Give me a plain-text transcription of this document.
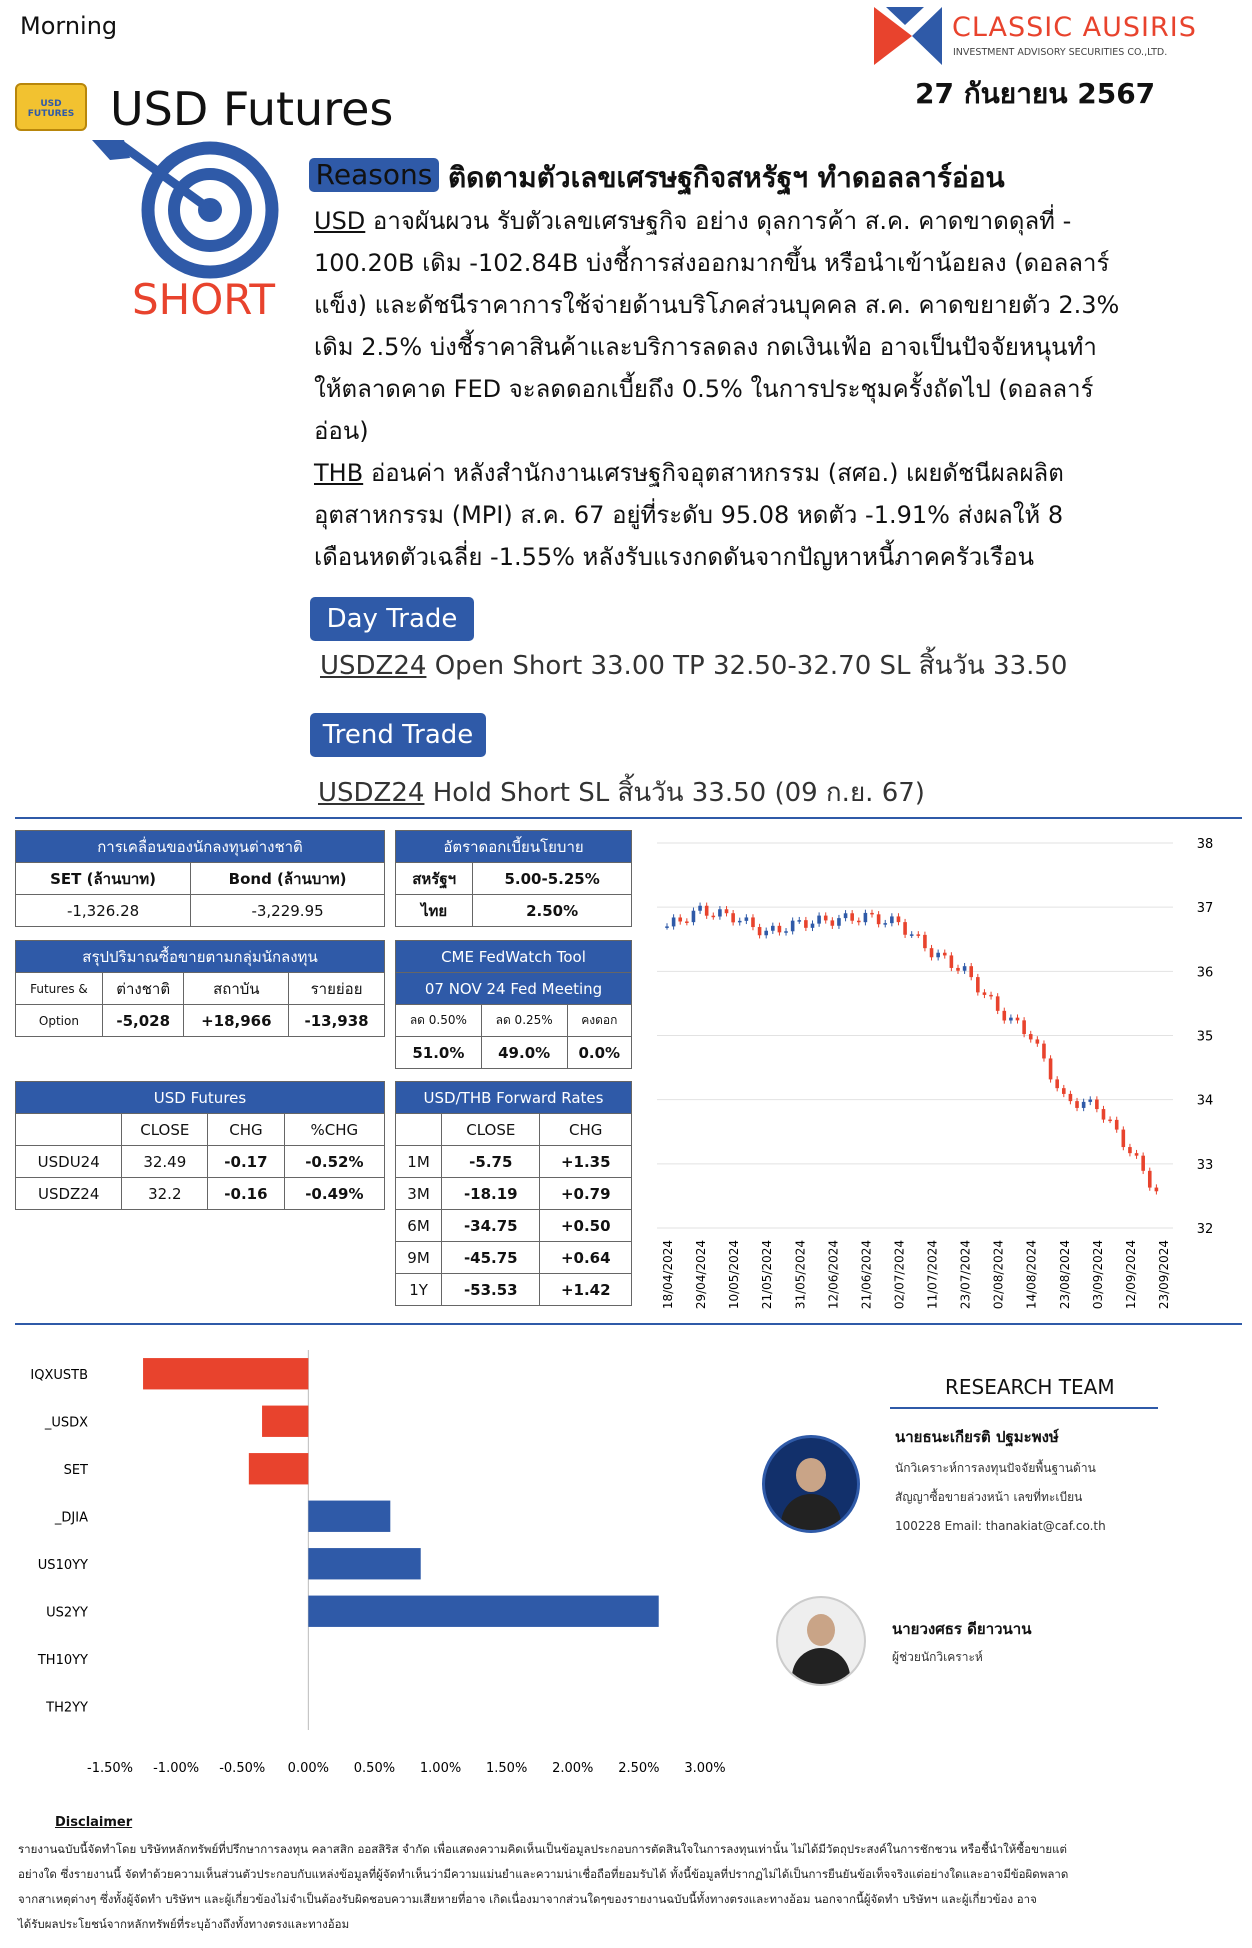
Morning
USD FUTURES USD Futures
CLASSIC AUSIRIS
INVESTMENT ADVISORY SECURITIES CO.,LTD.
27 กันยายน 2567
SHORT
Reasons ติดตามตัวเลขเศรษฐกิจสหรัฐฯ ทำดอลลาร์อ่อน
USD อาจผันผวน รับตัวเลขเศรษฐกิจ อย่าง ดุลการค้า ส.ค. คาดขาดดุลที่ -
100.20B เดิม -102.84B บ่งชี้การส่งออกมากขึ้น หรือนำเข้าน้อยลง (ดอลลาร์
แข็ง) และดัชนีราคาการใช้จ่ายด้านบริโภคส่วนบุคคล ส.ค. คาดขยายตัว 2.3%
เดิม 2.5% บ่งชี้ราคาสินค้าและบริการลดลง กดเงินเฟ้อ อาจเป็นปัจจัยหนุนทำ
ให้ตลาดคาด FED จะลดดอกเบี้ยถึง 0.5% ในการประชุมครั้งถัดไป (ดอลลาร์
อ่อน)
THB อ่อนค่า หลังสำนักงานเศรษฐกิจอุตสาหกรรม (สศอ.) เผยดัชนีผลผลิต
อุตสาหกรรม (MPI) ส.ค. 67 อยู่ที่ระดับ 95.08 หดตัว -1.91% ส่งผลให้ 8
เดือนหดตัวเฉลี่ย -1.55% หลังรับแรงกดดันจากปัญหาหนี้ภาคครัวเรือน
Day Trade
USDZ24 Open Short 33.00 TP 32.50-32.70 SL สิ้นวัน 33.50
Trend Trade
USDZ24 Hold Short SL สิ้นวัน 33.50 (09 ก.ย. 67)
การเคลื่อนของนักลงทุนต่างชาติ	
SET (ล้านบาท)	Bond (ล้านบาท)
-1,326.28	-3,229.95
อัตราดอกเบี้ยนโยบาย	
สหรัฐฯ	5.00-5.25%
ไทย	2.50%
สรุปปริมาณซื้อขายตามกลุ่มนักลงทุน			
Futures &	ต่างชาติ	สถาบัน	รายย่อย
Option	-5,028	+18,966	-13,938
CME FedWatch Tool		
07 NOV 24 Fed Meeting		
ลด 0.50%	ลด 0.25%	คงดอก
51.0%	49.0%	0.0%
USD Futures			
	CLOSE	CHG	%CHG
USDU24	32.49	-0.17	-0.52%
USDZ24	32.2	-0.16	-0.49%
USD/THB Forward Rates		
	CLOSE	CHG
1M	-5.75	+1.35
3M	-18.19	+0.79
6M	-34.75	+0.50
9M	-45.75	+0.64
1Y	-53.53	+1.42
38
37
36
35
34
33
32
18/04/2024 29/04/2024 10/05/2024 21/05/2024 31/05/2024 12/06/2024 21/06/2024 02/07/2024 11/07/2024 23/07/2024 02/08/2024 14/08/2024 23/08/2024 03/09/2024 12/09/2024 23/09/2024
IQXUSTB
_USDX
SET
_DJIA
US10YY
US2YY
TH10YY
TH2YY
-1.50% -1.00% -0.50% 0.00% 0.50% 1.00% 1.50% 2.00% 2.50% 3.00%
RESEARCH TEAM
นายธนะเกียรติ ปฐมะพงษ์
นักวิเคราะห์การลงทุนปัจจัยพื้นฐานด้าน
สัญญาซื้อขายล่วงหน้า เลขที่ทะเบียน
100228 Email: thanakiat@caf.co.th
นายวงศธร ดียาวนาน
ผู้ช่วยนักวิเคราะห์
Disclaimer
รายงานฉบับนี้จัดทำโดย บริษัทหลักทรัพย์ที่ปรึกษาการลงทุน คลาสสิก ออสสิริส จำกัด เพื่อแสดงความคิดเห็นเป็นข้อมูลประกอบการตัดสินใจในการลงทุนเท่านั้น ไม่ได้มีวัตถุประสงค์ในการชักชวน หรือชี้นำให้ซื้อขายแต่
อย่างใด ซึ่งรายงานนี้ จัดทำด้วยความเห็นส่วนตัวประกอบกับแหล่งข้อมูลที่ผู้จัดทำเห็นว่ามีความแม่นยำและความน่าเชื่อถือที่ยอมรับได้ ทั้งนี้ข้อมูลที่ปรากฏไม่ได้เป็นการยืนยันข้อเท็จจริงแต่อย่างใดและอาจมีข้อผิดพลาด
จากสาเหตุต่างๆ ซึ่งทั้งผู้จัดทำ บริษัทฯ และผู้เกี่ยวข้องไม่จำเป็นต้องรับผิดชอบความเสียหายที่อาจ เกิดเนื่องมาจากส่วนใดๆของรายงานฉบับนี้ทั้งทางตรงและทางอ้อม นอกจากนี้ผู้จัดทำ บริษัทฯ และผู้เกี่ยวข้อง อาจ
ได้รับผลประโยชน์จากหลักทรัพย์ที่ระบุอ้างถึงทั้งทางตรงและทางอ้อม
